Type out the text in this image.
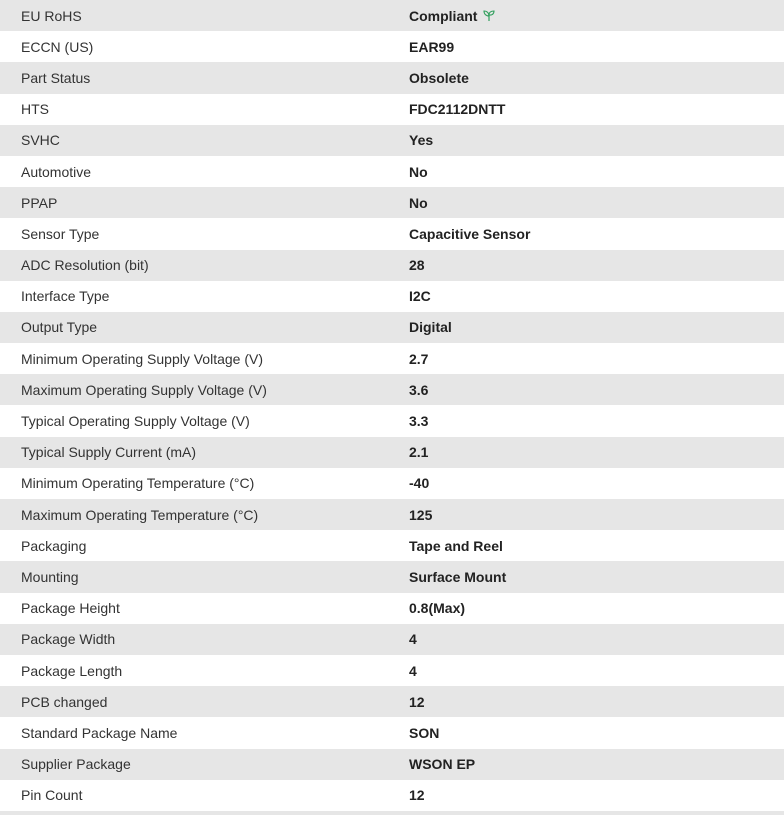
EU RoHS	Compliant
ECCN (US)	EAR99
Part Status	Obsolete
HTS	FDC2112DNTT
SVHC	Yes
Automotive	No
PPAP	No
Sensor Type	Capacitive Sensor
ADC Resolution (bit)	28
Interface Type	I2C
Output Type	Digital
Minimum Operating Supply Voltage (V)	2.7
Maximum Operating Supply Voltage (V)	3.6
Typical Operating Supply Voltage (V)	3.3
Typical Supply Current (mA)	2.1
Minimum Operating Temperature (°C)	-40
Maximum Operating Temperature (°C)	125
Packaging	Tape and Reel
Mounting	Surface Mount
Package Height	0.8(Max)
Package Width	4
Package Length	4
PCB changed	12
Standard Package Name	SON
Supplier Package	WSON EP
Pin Count	12
